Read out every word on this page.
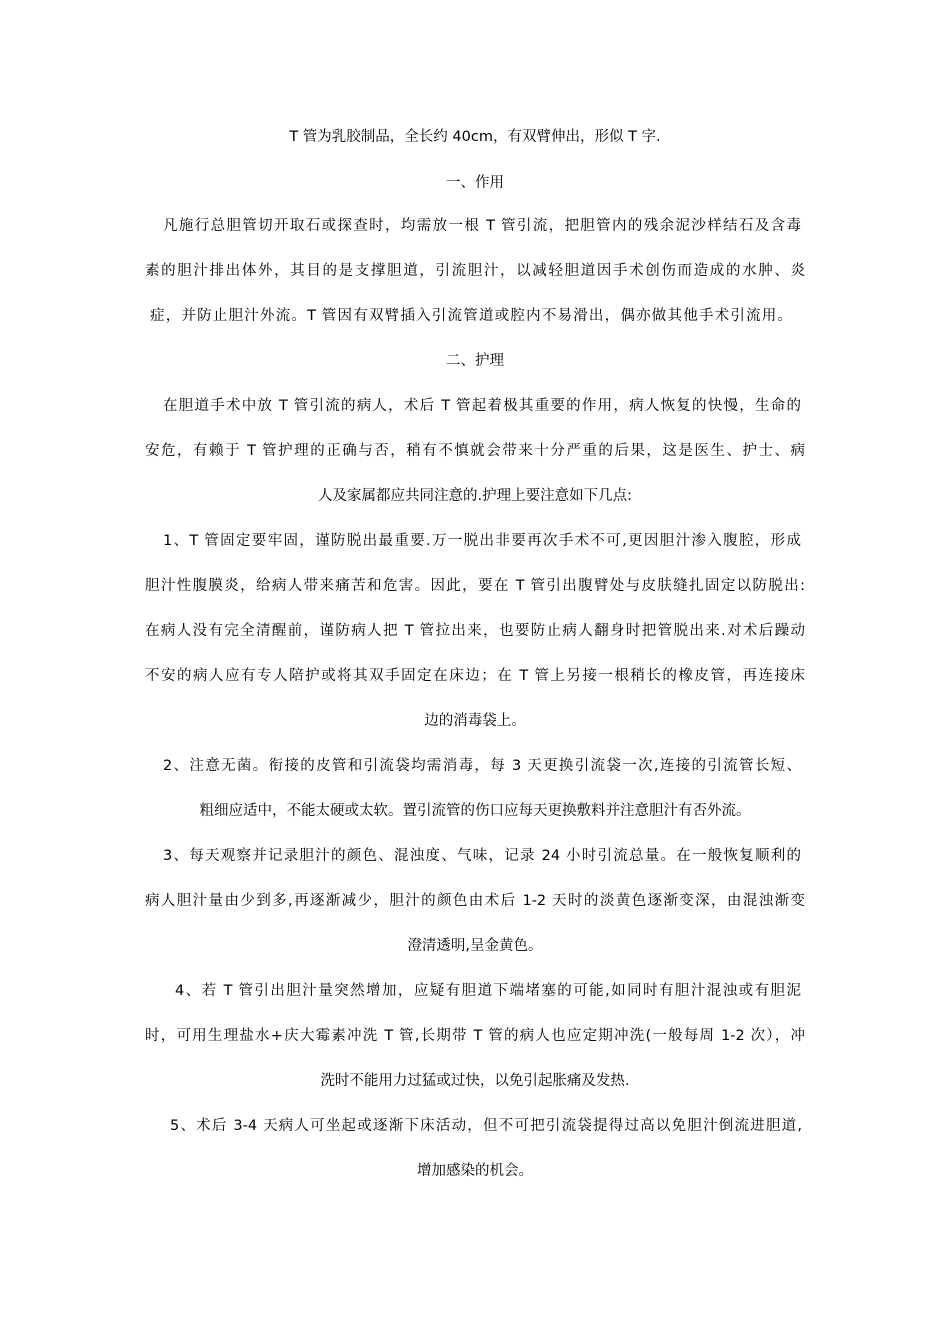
T 管为乳胶制品，全长约 40cm，有双臂伸出，形似 T 字.
一、作用
凡施行总胆管切开取石或探查时，均需放一根 T 管引流，把胆管内的残余泥沙样结石及含毒
素的胆汁排出体外，其目的是支撑胆道，引流胆汁，以减轻胆道因手术创伤而造成的水肿、炎
症，并防止胆汁外流。T 管因有双臂插入引流管道或腔内不易滑出，偶亦做其他手术引流用。
二、护理
在胆道手术中放 T 管引流的病人，术后 T 管起着极其重要的作用，病人恢复的快慢，生命的
安危，有赖于 T 管护理的正确与否，稍有不慎就会带来十分严重的后果，这是医生、护士、病
人及家属都应共同注意的.护理上要注意如下几点:
1、T 管固定要牢固，谨防脱出最重要.万一脱出非要再次手术不可,更因胆汁渗入腹腔，形成
胆汁性腹膜炎，给病人带来痛苦和危害。因此，要在 T 管引出腹臂处与皮肤缝扎固定以防脱出:
在病人没有完全清醒前，谨防病人把 T 管拉出来，也要防止病人翻身时把管脱出来.对术后躁动
不安的病人应有专人陪护或将其双手固定在床边；在 T 管上另接一根稍长的橡皮管，再连接床
边的消毒袋上。
2、注意无菌。衔接的皮管和引流袋均需消毒，每 3 天更换引流袋一次,连接的引流管长短、
粗细应适中，不能太硬或太软。置引流管的伤口应每天更换敷料并注意胆汁有否外流。
3、每天观察并记录胆汁的颜色、混浊度、气味，记录 24 小时引流总量。在一般恢复顺利的
病人胆汁量由少到多,再逐渐减少，胆汁的颜色由术后 1-2 天时的淡黄色逐渐变深，由混浊渐变
澄清透明,呈金黄色。
4、若 T 管引出胆汁量突然增加，应疑有胆道下端堵塞的可能,如同时有胆汁混浊或有胆泥
时，可用生理盐水+庆大霉素冲洗 T 管,长期带 T 管的病人也应定期冲洗(一般每周 1-2 次），冲
洗时不能用力过猛或过快，以免引起胀痛及发热.
5、术后 3-4 天病人可坐起或逐渐下床活动，但不可把引流袋提得过高以免胆汁倒流进胆道,
增加感染的机会。
